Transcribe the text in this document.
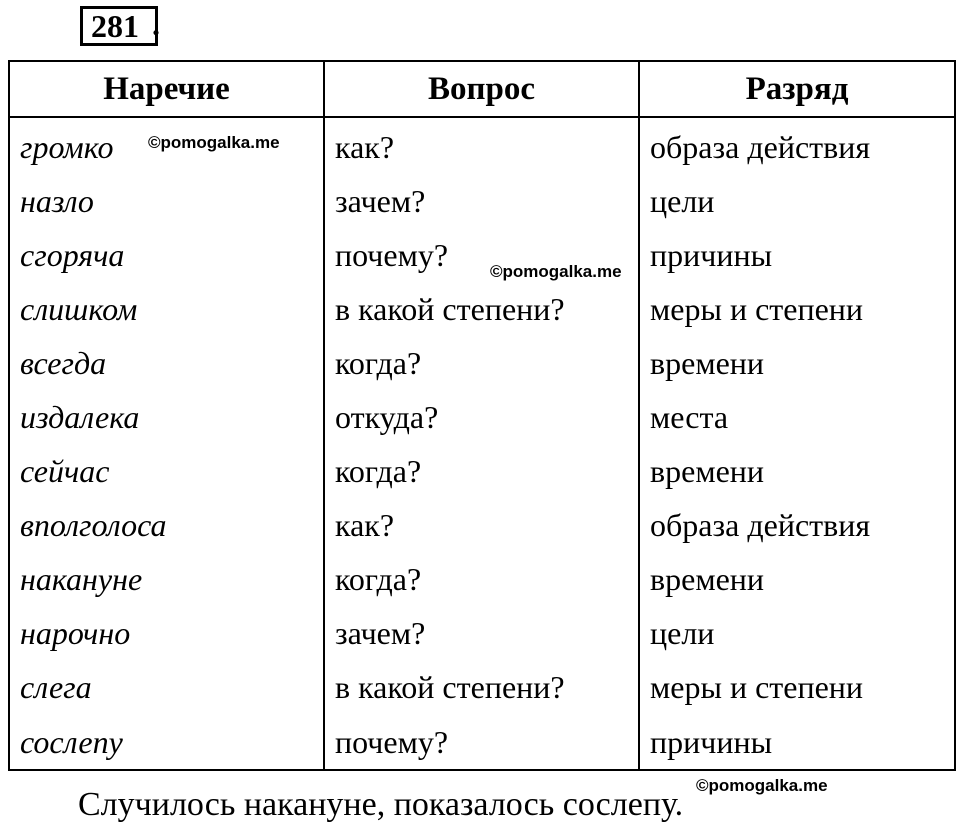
281 .
Наречие	Вопрос	Разряд
громко	как?	образа действия
назло	зачем?	цели
сгоряча	почему?	причины
слишком	в какой степени?	меры и степени
всегда	когда?	времени
издалека	откуда?	места
сейчас	когда?	времени
вполголоса	как?	образа действия
накануне	когда?	времени
нарочно	зачем?	цели
слега	в какой степени?	меры и степени
сослепу	почему?	причины
©pomogalka.me
©pomogalka.me
©pomogalka.me
Случилось накануне, показалось сослепу.
